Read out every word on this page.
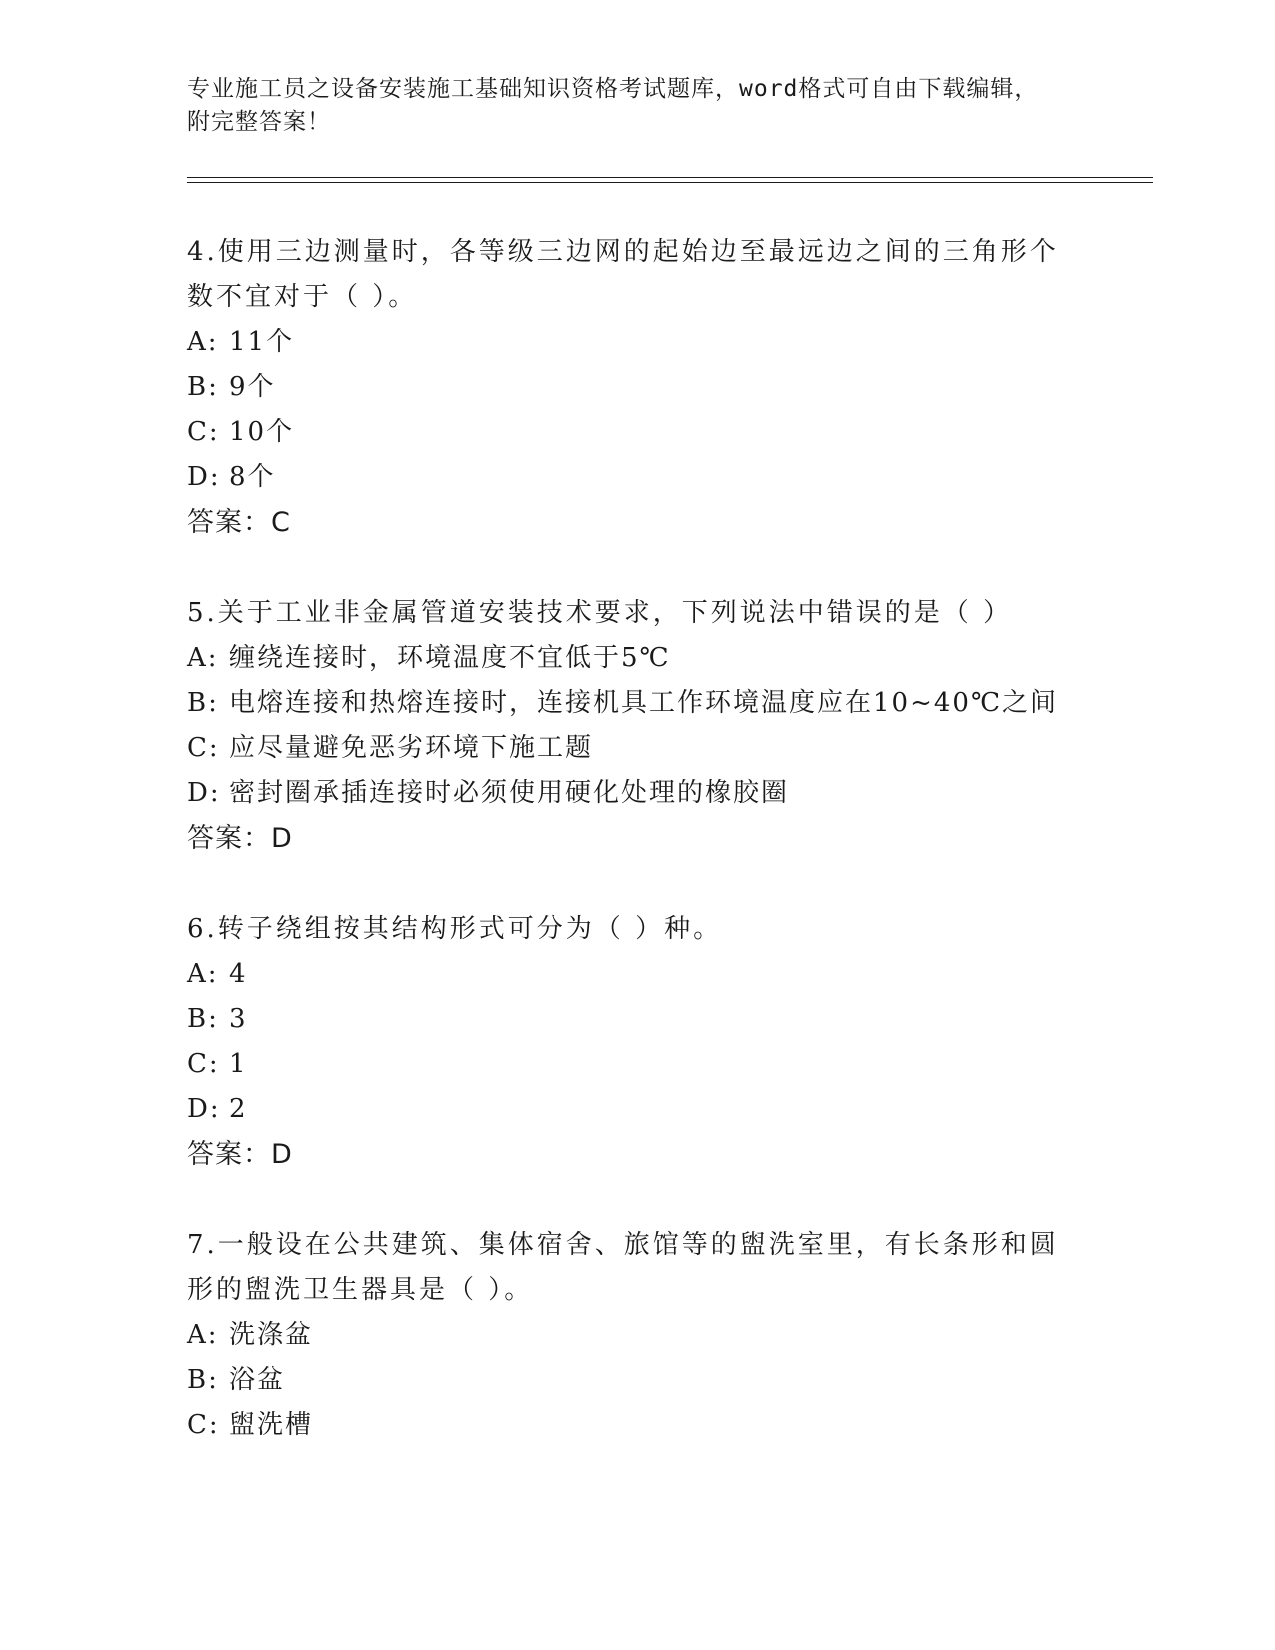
专业施工员之设备安装施工基础知识资格考试题库，word格式可自由下载编辑，
附完整答案！

4.使用三边测量时，各等级三边网的起始边至最远边之间的三角形个

数不宜对于（ ）。

A: 11个

B: 9个

C: 10个

D: 8个

答案：C

5.关于工业非金属管道安装技术要求，下列说法中错误的是（ ）

A: 缠绕连接时，环境温度不宜低于5℃

B: 电熔连接和热熔连接时，连接机具工作环境温度应在10~40℃之间

C: 应尽量避免恶劣环境下施工题

D: 密封圈承插连接时必须使用硬化处理的橡胶圈

答案：D

6.转子绕组按其结构形式可分为（ ）种。

A: 4

B: 3

C: 1

D: 2

答案：D

7.一般设在公共建筑、集体宿舍、旅馆等的盥洗室里，有长条形和圆

形的盥洗卫生器具是（ ）。

A: 洗涤盆

B: 浴盆

C: 盥洗槽
